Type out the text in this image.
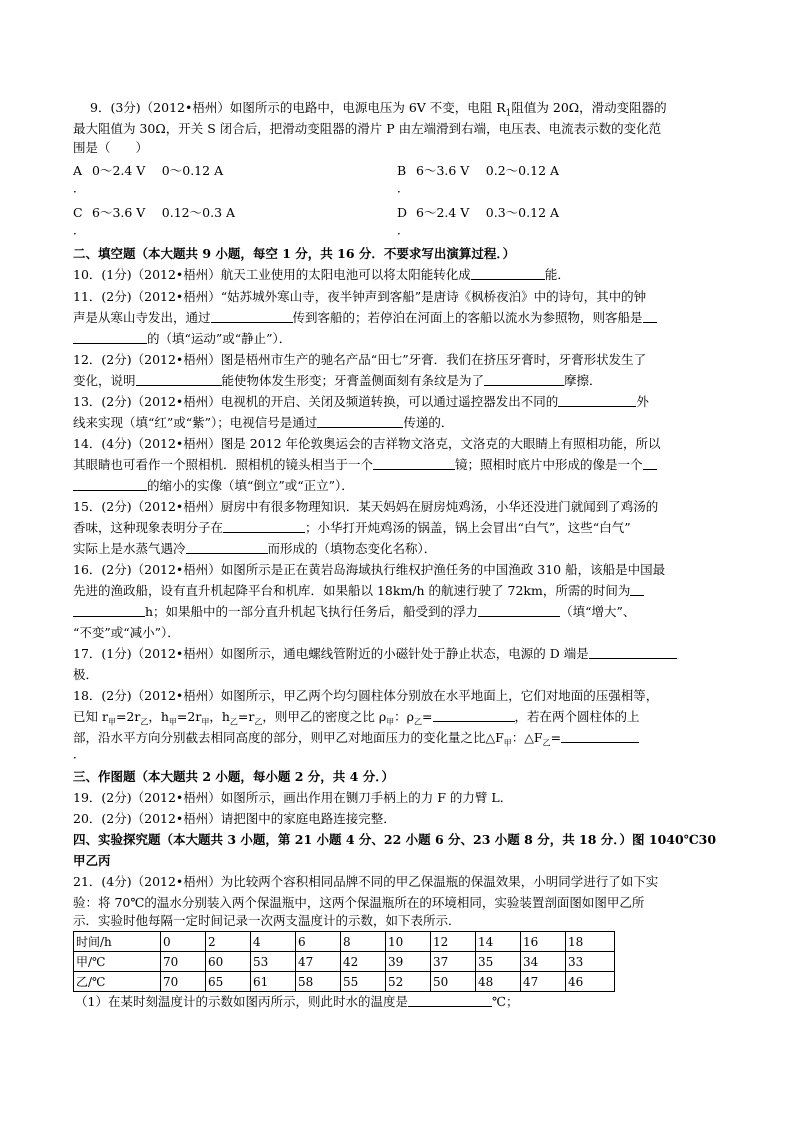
9．(3分)（2012•梧州）如图所示的电路中，电源电压为 6V 不变，电阻 $R_1$阻值为 20Ω，滑动变阻器的
最大阻值为 30Ω，开关 S 闭合后，把滑动变阻器的滑片 P 由左端滑到右端，电压表、电流表示数的变化范
围是（　　）
A 0～2.4 V　 0～0.12 A	B 6～3.6 V　 0.2～0.12 A
．	．
C 6～3.6 V　 0.12～0.3 A	D 6～2.4 V　 0.3～0.12 A
．	．
二、填空题（本大题共 9 小题，每空 1 分，共 16 分．不要求写出演算过程．）
10．(1分)（2012•梧州）航天工业使用的太阳电池可以将太阳能转化成	能．
11．(2分)（2012•梧州）“姑苏城外寒山寺，夜半钟声到客船”是唐诗《枫桥夜泊》中的诗句，其中的钟
声是从寒山寺发出，通过	传到客船的；若停泊在河面上的客船以流水为参照物，则客船是
的（填“运动”或“静止”）．
12．(2分)（2012•梧州）图是梧州市生产的驰名产品“田七”牙膏．我们在挤压牙膏时，牙膏形状发生了
变化，说明	能使物体发生形变；牙膏盖侧面刻有条纹是为了	摩擦．
13．(2分)（2012•梧州）电视机的开启、关闭及频道转换，可以通过遥控器发出不同的	外
线来实现（填“红”或“紫”）；电视信号是通过	传递的．
14．(4分)（2012•梧州）图是 2012 年伦敦奥运会的吉祥物文洛克，文洛克的大眼睛上有照相功能，所以
其眼睛也可看作一个照相机．照相机的镜头相当于一个	镜；照相时底片中形成的像是一个
的缩小的实像（填“倒立”或“正立”）．
15．(2分)（2012•梧州）厨房中有很多物理知识．某天妈妈在厨房炖鸡汤，小华还没进门就闻到了鸡汤的
香味，这种现象表明分子在	；小华打开炖鸡汤的锅盖，锅上会冒出“白气”，这些“白气”
实际上是水蒸气遇冷	而形成的（填物态变化名称）．
16．(2分)（2012•梧州）如图所示是正在黄岩岛海域执行维权护渔任务的中国渔政 310 船，该船是中国最
先进的渔政船，设有直升机起降平台和机库．如果船以 18km/h 的航速行驶了 72km，所需的时间为
h；如果船中的一部分直升机起飞执行任务后，船受到的浮力	（填“增大”、
“不变”或“减小”）．
17．(1分)（2012•梧州）如图所示，通电螺线管附近的小磁针处于静止状态，电源的 D 端是
极．
18．(2分)（2012•梧州）如图所示，甲乙两个均匀圆柱体分别放在水平地面上，它们对地面的压强相等，
已知 $r_甲=2r_乙$，$h_甲=2r_甲$，$h_乙=r_乙$，则甲乙的密度之比 $\rho_甲$：$\rho_乙=$	，若在两个圆柱体的上
部，沿水平方向分别截去相同高度的部分，则甲乙对地面压力的变化量之比$\triangle F_甲$：$\triangle F_乙=$
．
三、作图题（本大题共 2 小题，每小题 2 分，共 4 分．）
19．(2分)（2012•梧州）如图所示，画出作用在铡刀手柄上的力 F 的力臂 L．
20．(2分)（2012•梧州）请把图中的家庭电路连接完整．
四、实验探究题（本大题共 3 小题，第 21 小题 4 分、22 小题 6 分、23 小题 8 分，共 18 分．）图 1040℃30
甲乙丙
21．(4分)（2012•梧州）为比较两个容积相同品牌不同的甲乙保温瓶的保温效果，小明同学进行了如下实
验：将 70℃的温水分别装入两个保温瓶中，这两个保温瓶所在的环境相同，实验装置剖面图如图甲乙所
示．实验时他每隔一定时间记录一次两支温度计的示数，如下表所示．
时间/h	0	2	4	6	8	10	12	14	16	18
甲/℃	70	60	53	47	42	39	37	35	34	33
乙/℃	70	65	61	58	55	52	50	48	47	46
（1）在某时刻温度计的示数如图丙所示，则此时水的温度是	℃；
